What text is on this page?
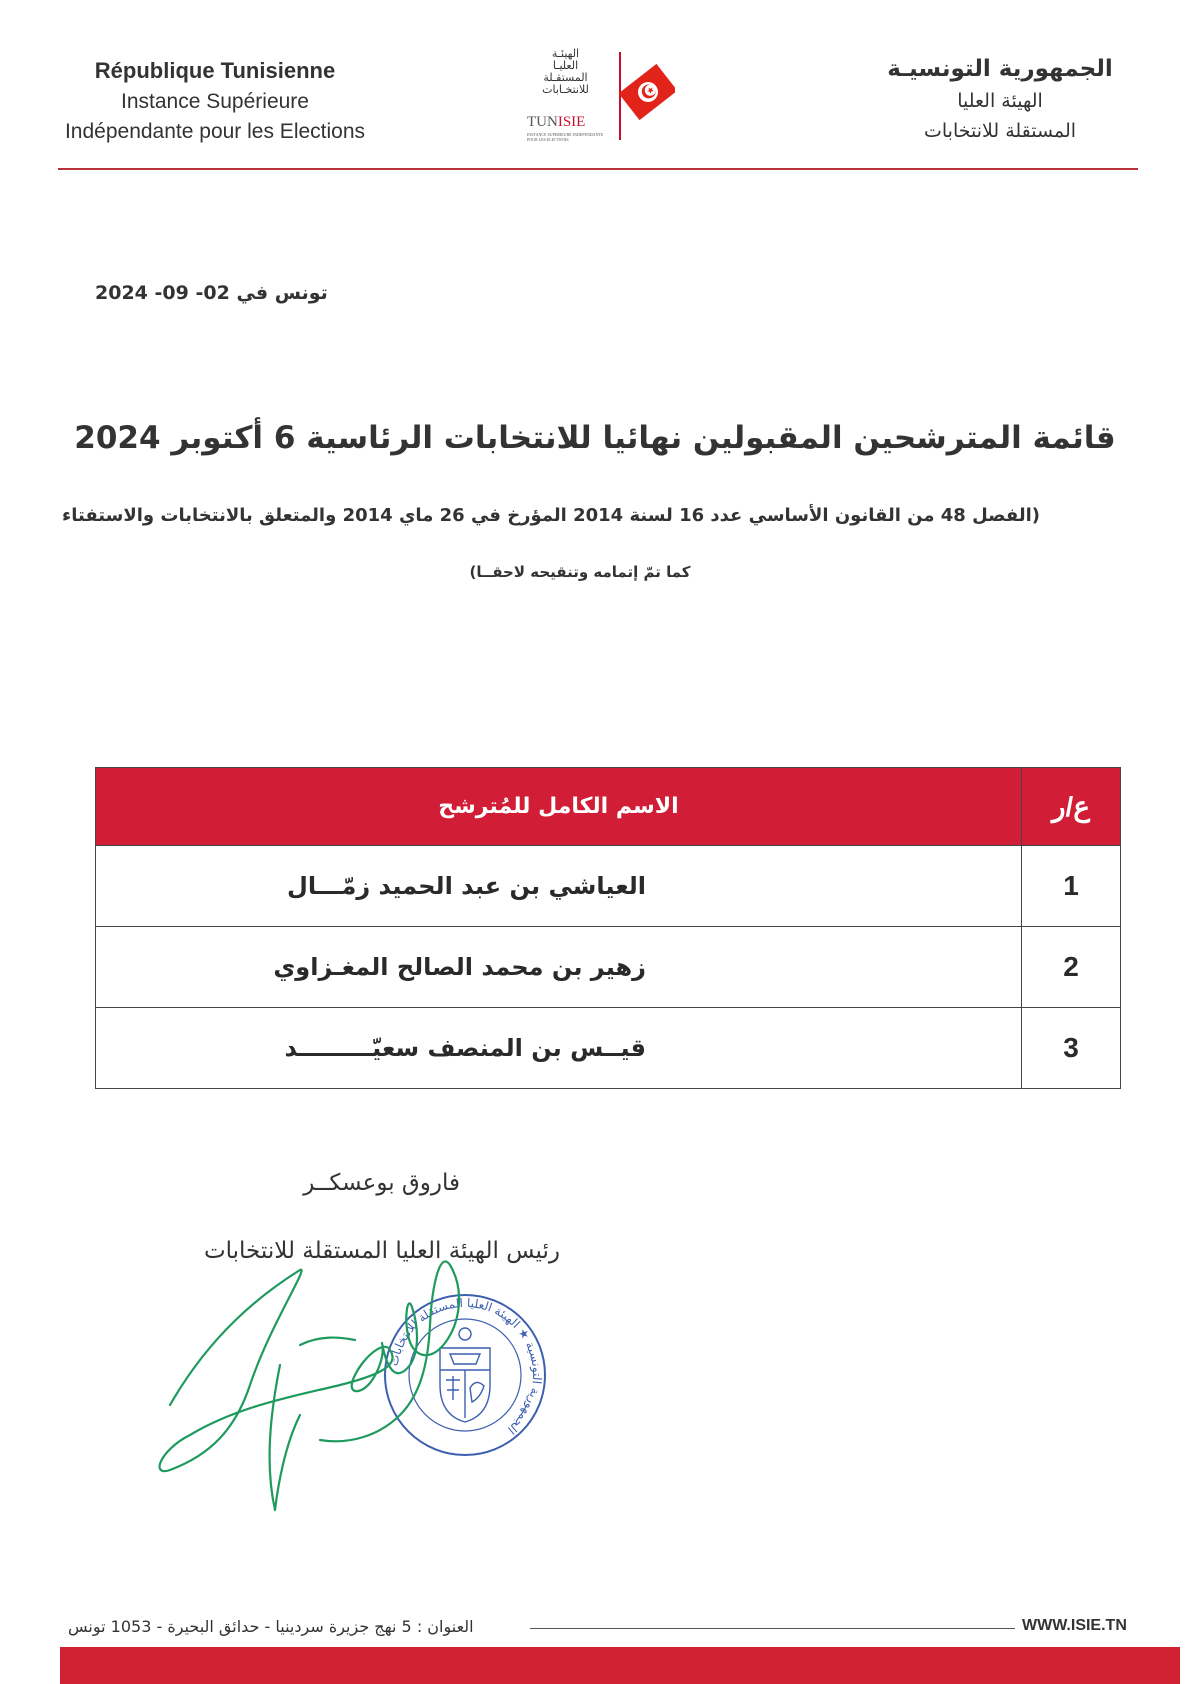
République Tunisienne
Instance Supérieure
Indépendante pour les Elections
الجمهورية التونسيـة
الهيئة العليا
المستقلة للانتخابات
الهيئـة
العليـا
المستقـلة
للانتخـابات
TUNISIE
INSTANCE SUPERIEURE INDEPENDANTE POUR LES ELECTIONS
تونس في 02- 09- 2024
قائمة المترشحين المقبولين نهائيا للانتخابات الرئاسية 6 أكتوبر 2024
(الفصل 48 من القانون الأساسي عدد 16 لسنة 2014 المؤرخ في 26 ماي 2014 والمتعلق بالانتخابات والاستفتاء
كما تمّ إتمامه وتنقيحه لاحقــا)
ع/ر	الاسم الكامل للمُترشح
1	العياشي بن عبد الحميد زمّـــال
2	زهير بن محمد الصالح المغـزاوي
3	قيــس بن المنصف سعيّـــــــــد
فاروق بوعسكــر
رئيس الهيئة العليا المستقلة للانتخابات
الجمهورية التونسية ★ الهيئة العليا المستقلة للانتخابات
العنوان : 5 نهج جزيرة سردينيا - حدائق البحيرة - 1053 تونس	WWW.ISIE.TN
